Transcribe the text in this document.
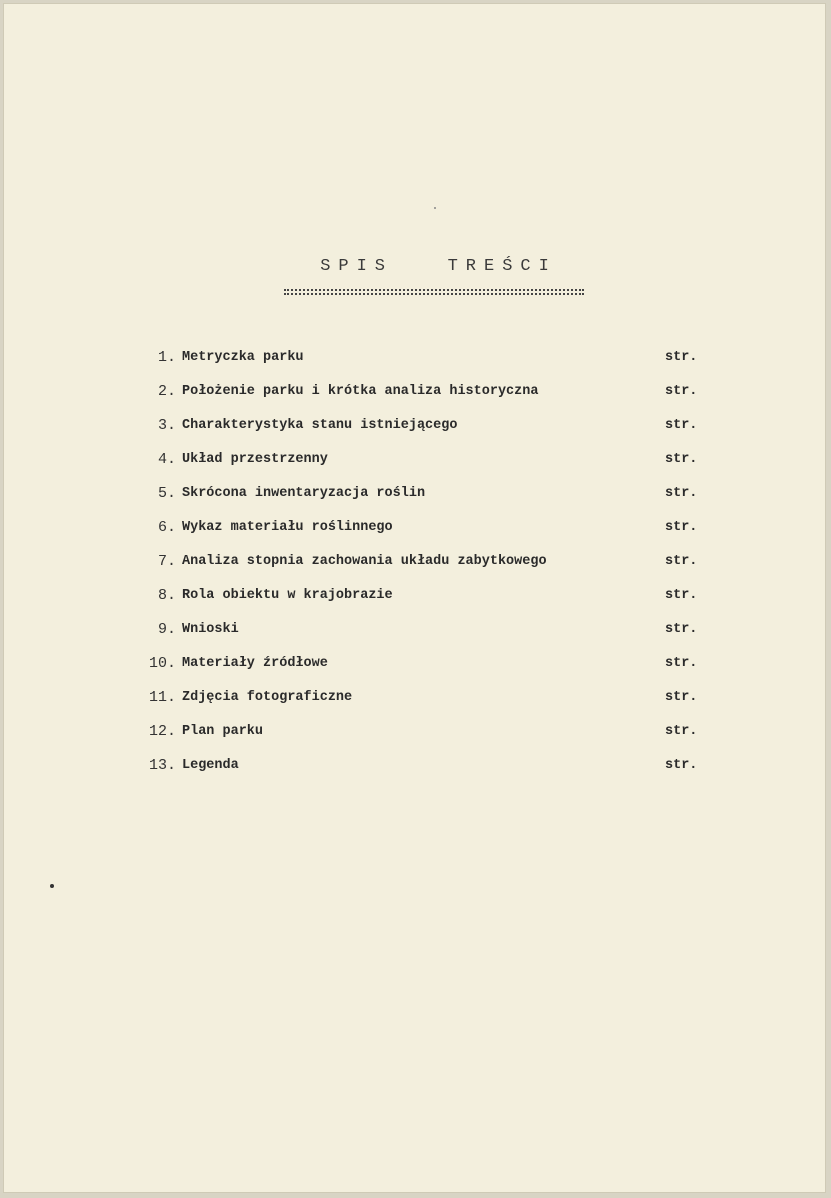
SPIS   TREŚCI
1. Metryczka parku	str.
2. Położenie parku i krótka analiza historyczna	str.
3. Charakterystyka stanu istniejącego	str.
4. Układ przestrzenny	str.
5. Skrócona inwentaryzacja roślin	str.
6. Wykaz materiału roślinnego	str.
7. Analiza stopnia zachowania układu zabytkowego	str.
8. Rola obiektu w krajobrazie	str.
9. Wnioski	str.
10. Materiały źródłowe	str.
11. Zdjęcia fotograficzne	str.
12. Plan parku	str.
13. Legenda	str.
